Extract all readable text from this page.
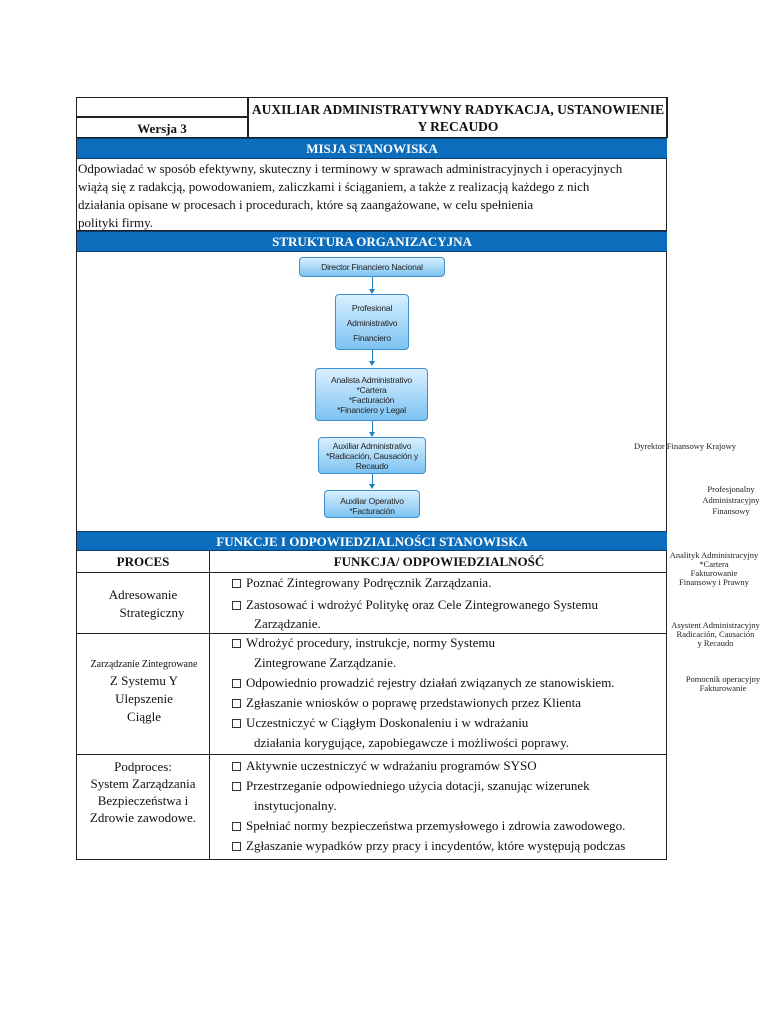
Wersja 3
AUXILIAR ADMINISTRATYWNY RADYKACJA, USTANOWIENIE
Y RECAUDO
MISJA STANOWISKA
Odpowiadać w sposób efektywny, skuteczny i terminowy w sprawach administracyjnych i operacyjnych
wiążą się z radakcją, powodowaniem, zaliczkami i ściąganiem, a także z realizacją każdego z nich
działania opisane w procesach i procedurach, które są zaangażowane, w celu spełnienia
polityki firmy.
STRUKTURA ORGANIZACYJNA
Director Financiero Nacional
Profesional
Administrativo
Financiero
Analista Administrativo
*Cartera
*Facturación
*Financiero y Legal
Auxiliar Administrativo
*Radicación, Causación y
Recaudo
Auxiliar Operativo
*Facturación
Dyrektor Finansowy Krajowy
Profesjonalny
Administracyjny
Finansowy
Analityk Administracyjny
*Cartera
Fakturowanie
Finansowy i Prawny
Asystent Administracyjny
Radicación, Causación
y Recaudo
Pomocnik operacyjny
Fakturowanie
FUNKCJE I ODPOWIEDZIALNOŚCI STANOWISKA
PROCES	FUNKCJA/ ODPOWIEDZIALNOŚĆ
Adresowanie
Strategiczny
Poznać Zintegrowany Podręcznik Zarządzania.
Zastosować i wdrożyć Politykę oraz Cele Zintegrowanego Systemu
Zarządzanie.
Zarządzanie Zintegrowane
Z Systemu Y
Ulepszenie
Ciągle
Wdrożyć procedury, instrukcje, normy Systemu
Zintegrowane Zarządzanie.
Odpowiednio prowadzić rejestry działań związanych ze stanowiskiem.
Zgłaszanie wniosków o poprawę przedstawionych przez Klienta
Uczestniczyć w Ciągłym Doskonaleniu i w wdrażaniu
działania korygujące, zapobiegawcze i możliwości poprawy.
Podproces:
System Zarządzania
Bezpieczeństwa i
Zdrowie zawodowe.
Aktywnie uczestniczyć w wdrażaniu programów SYSO
Przestrzeganie odpowiedniego użycia dotacji, szanując wizerunek
instytucjonalny.
Spełniać normy bezpieczeństwa przemysłowego i zdrowia zawodowego.
Zgłaszanie wypadków przy pracy i incydentów, które występują podczas
